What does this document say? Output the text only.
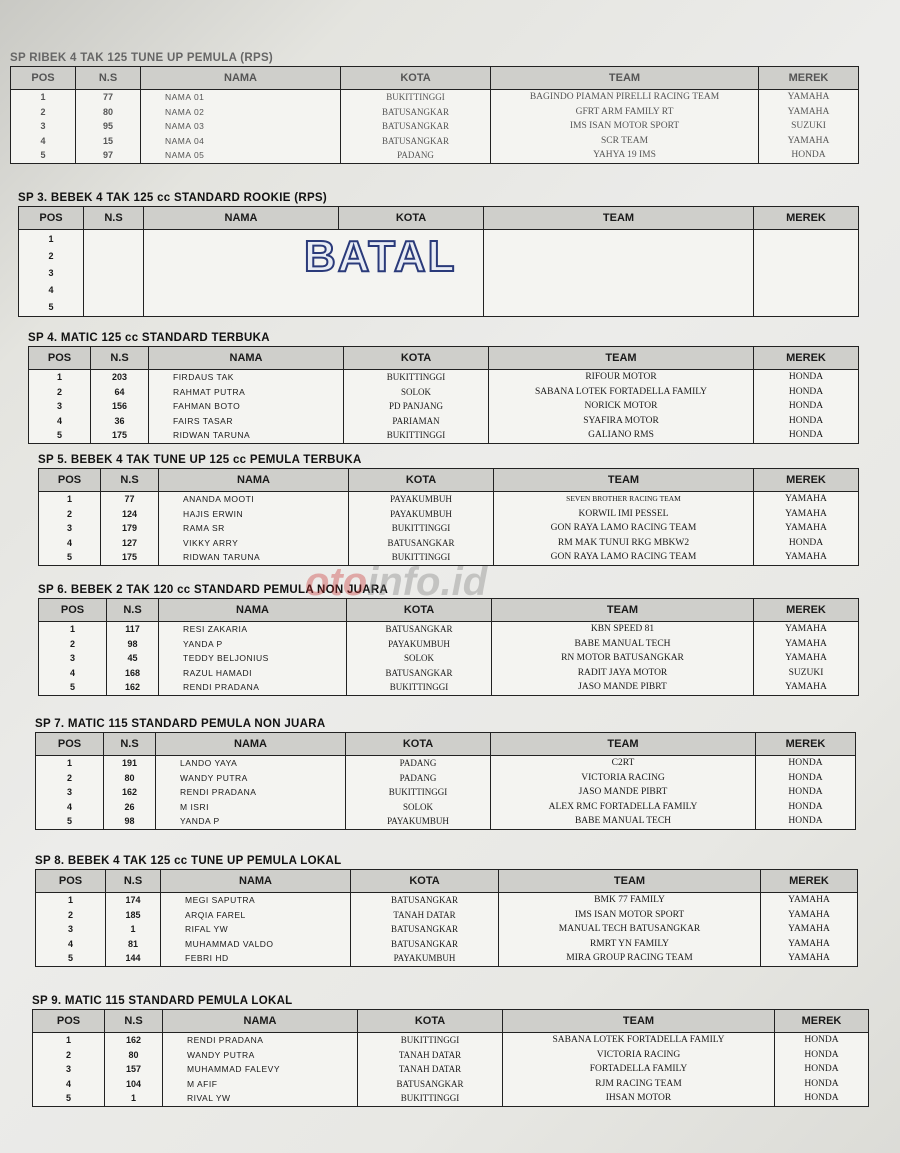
SP RIBEK 4 TAK 125 TUNE UP PEMULA (RPS)
POS	N.S	NAMA	KOTA	TEAM	MEREK
1	77	NAMA 01	BUKITTINGGI	BAGINDO PIAMAN PIRELLI RACING TEAM	YAMAHA
2	80	NAMA 02	BATUSANGKAR	GFRT ARM FAMILY RT	YAMAHA
3	95	NAMA 03	BATUSANGKAR	IMS ISAN MOTOR SPORT	SUZUKI
4	15	NAMA 04	BATUSANGKAR	SCR TEAM	YAMAHA
5	97	NAMA 05	PADANG	YAHYA 19 IMS	HONDA
SP 3. BEBEK 4 TAK 125 cc STANDARD ROOKIE (RPS)
POS	N.S	NAMA	KOTA	TEAM	MEREK
1
2
3
4
5		BATAL			

SP 4. MATIC 125 cc STANDARD TERBUKA
POS	N.S	NAMA	KOTA	TEAM	MEREK
1	203	FIRDAUS TAK	BUKITTINGGI	RIFOUR MOTOR	HONDA
2	64	RAHMAT PUTRA	SOLOK	SABANA LOTEK FORTADELLA FAMILY	HONDA
3	156	FAHMAN BOTO	PD PANJANG	NORICK MOTOR	HONDA
4	36	FAIRS TASAR	PARIAMAN	SYAFIRA MOTOR	HONDA
5	175	RIDWAN TARUNA	BUKITTINGGI	GALIANO RMS	HONDA
SP 5. BEBEK 4 TAK TUNE UP 125 cc PEMULA TERBUKA
POS	N.S	NAMA	KOTA	TEAM	MEREK
1	77	ANANDA MOOTI	PAYAKUMBUH	SEVEN BROTHER RACING TEAM	YAMAHA
2	124	HAJIS ERWIN	PAYAKUMBUH	KORWIL IMI PESSEL	YAMAHA
3	179	RAMA SR	BUKITTINGGI	GON RAYA LAMO RACING TEAM	YAMAHA
4	127	VIKKY ARRY	BATUSANGKAR	RM MAK TUNUI RKG MBKW2	HONDA
5	175	RIDWAN TARUNA	BUKITTINGGI	GON RAYA LAMO RACING TEAM	YAMAHA
SP 6. BEBEK 2 TAK 120 cc STANDARD PEMULA NON JUARA
POS	N.S	NAMA	KOTA	TEAM	MEREK
1	117	RESI ZAKARIA	BATUSANGKAR	KBN SPEED 81	YAMAHA
2	98	YANDA P	PAYAKUMBUH	BABE MANUAL TECH	YAMAHA
3	45	TEDDY BELJONIUS	SOLOK	RN MOTOR BATUSANGKAR	YAMAHA
4	168	RAZUL HAMADI	BATUSANGKAR	RADIT JAYA MOTOR	SUZUKI
5	162	RENDI PRADANA	BUKITTINGGI	JASO MANDE PIBRT	YAMAHA
SP 7. MATIC 115 STANDARD PEMULA NON JUARA
POS	N.S	NAMA	KOTA	TEAM	MEREK
1	191	LANDO YAYA	PADANG	C2RT	HONDA
2	80	WANDY PUTRA	PADANG	VICTORIA RACING	HONDA
3	162	RENDI PRADANA	BUKITTINGGI	JASO MANDE PIBRT	HONDA
4	26	M ISRI	SOLOK	ALEX RMC FORTADELLA FAMILY	HONDA
5	98	YANDA P	PAYAKUMBUH	BABE MANUAL TECH	HONDA
SP 8. BEBEK 4 TAK 125 cc TUNE UP PEMULA LOKAL
POS	N.S	NAMA	KOTA	TEAM	MEREK
1	174	MEGI SAPUTRA	BATUSANGKAR	BMK 77 FAMILY	YAMAHA
2	185	ARQIA FAREL	TANAH DATAR	IMS ISAN MOTOR SPORT	YAMAHA
3	1	RIFAL YW	BATUSANGKAR	MANUAL TECH BATUSANGKAR	YAMAHA
4	81	MUHAMMAD VALDO	BATUSANGKAR	RMRT YN FAMILY	YAMAHA
5	144	FEBRI HD	PAYAKUMBUH	MIRA GROUP RACING TEAM	YAMAHA
SP 9. MATIC 115 STANDARD PEMULA LOKAL
POS	N.S	NAMA	KOTA	TEAM	MEREK
1	162	RENDI PRADANA	BUKITTINGGI	SABANA LOTEK FORTADELLA FAMILY	HONDA
2	80	WANDY PUTRA	TANAH DATAR	VICTORIA RACING	HONDA
3	157	MUHAMMAD FALEVY	TANAH DATAR	FORTADELLA FAMILY	HONDA
4	104	M AFIF	BATUSANGKAR	RJM RACING TEAM	HONDA
5	1	RIVAL YW	BUKITTINGGI	IHSAN MOTOR	HONDA
otoinfo.id
